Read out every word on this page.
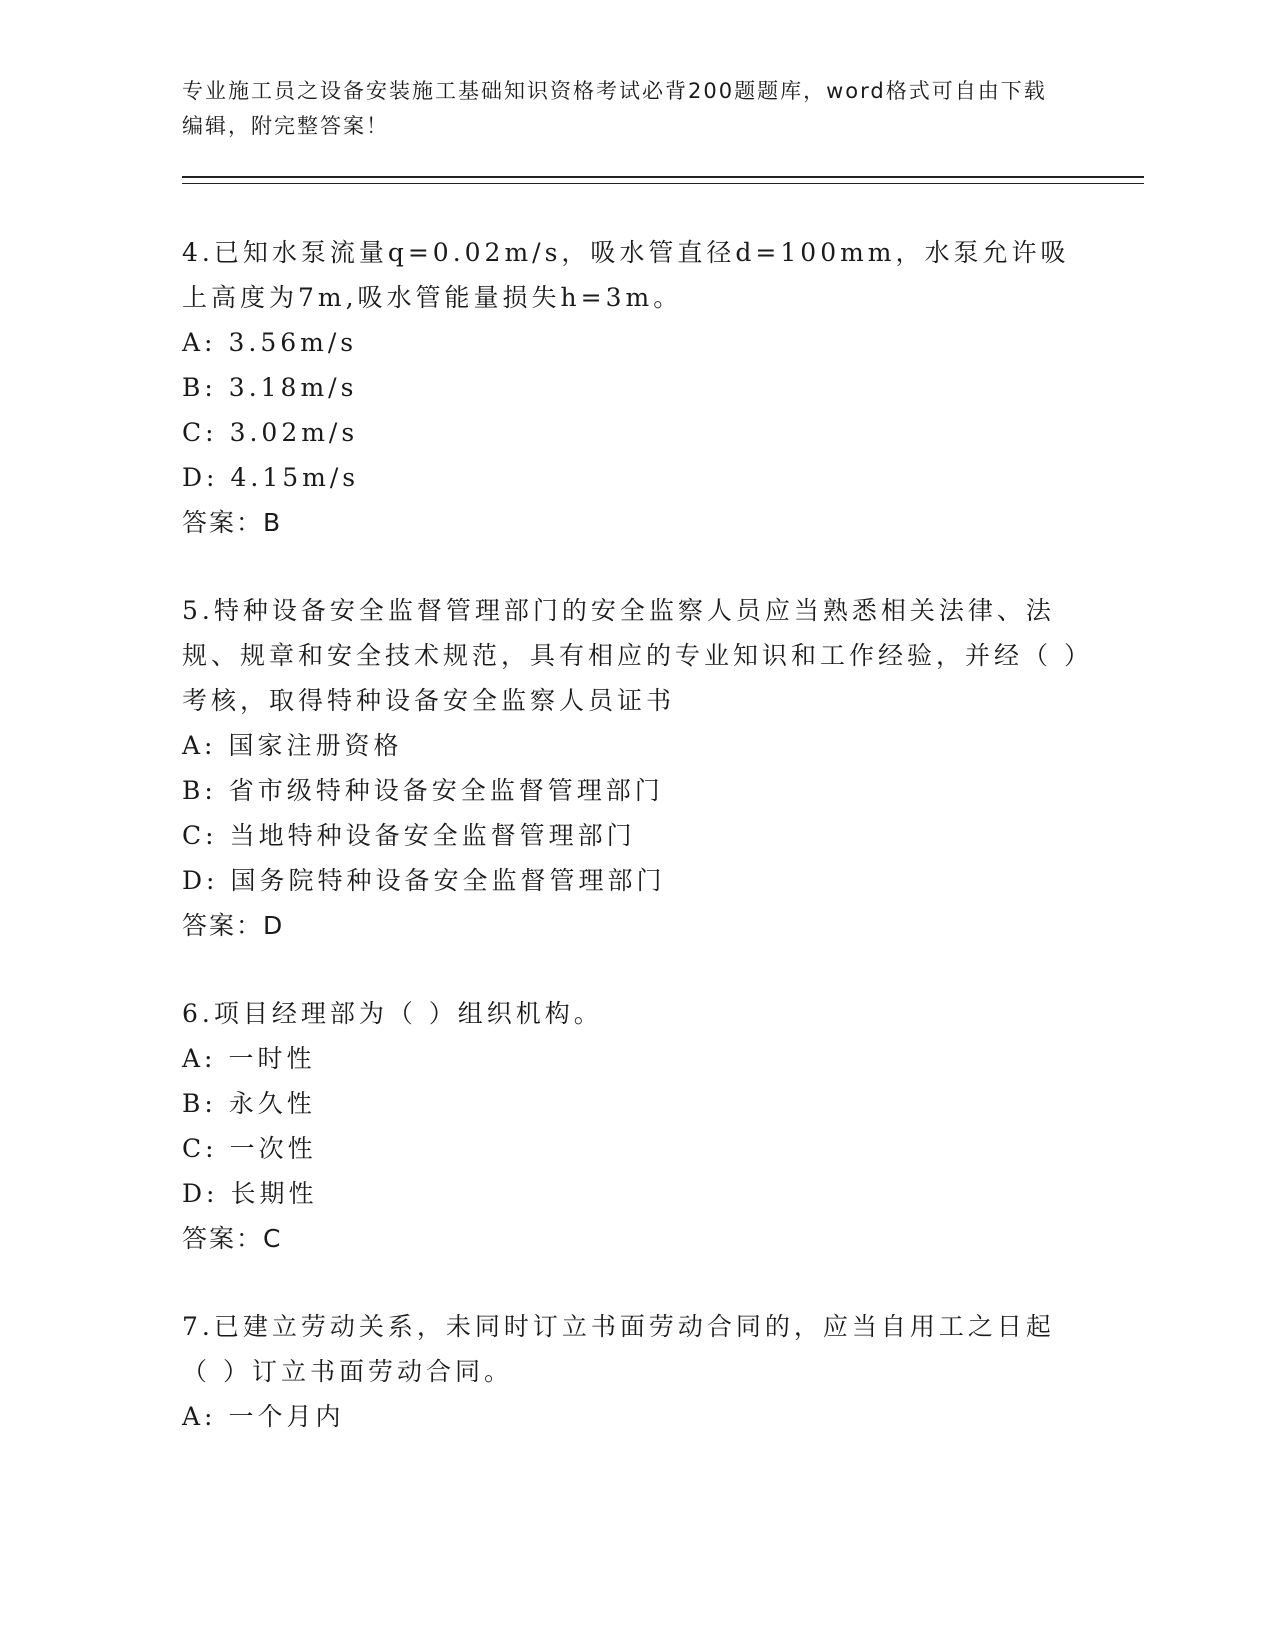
专业施工员之设备安装施工基础知识资格考试必背200题题库，word格式可自由下载编辑，附完整答案！

4.已知水泵流量q=0.02m/s，吸水管直径d=100mm，水泵允许吸上高度为7m,吸水管能量损失h=3m。

A: 3.56m/s
B: 3.18m/s
C: 3.02m/s
D: 4.15m/s
答案：B

5.特种设备安全监督管理部门的安全监察人员应当熟悉相关法律、法规、规章和安全技术规范，具有相应的专业知识和工作经验，并经（ ）考核，取得特种设备安全监察人员证书

A: 国家注册资格
B: 省市级特种设备安全监督管理部门
C: 当地特种设备安全监督管理部门
D: 国务院特种设备安全监督管理部门
答案：D

6.项目经理部为（ ）组织机构。

A: 一时性
B: 永久性
C: 一次性
D: 长期性
答案：C

7.已建立劳动关系，未同时订立书面劳动合同的，应当自用工之日起（ ）订立书面劳动合同。

A: 一个月内
